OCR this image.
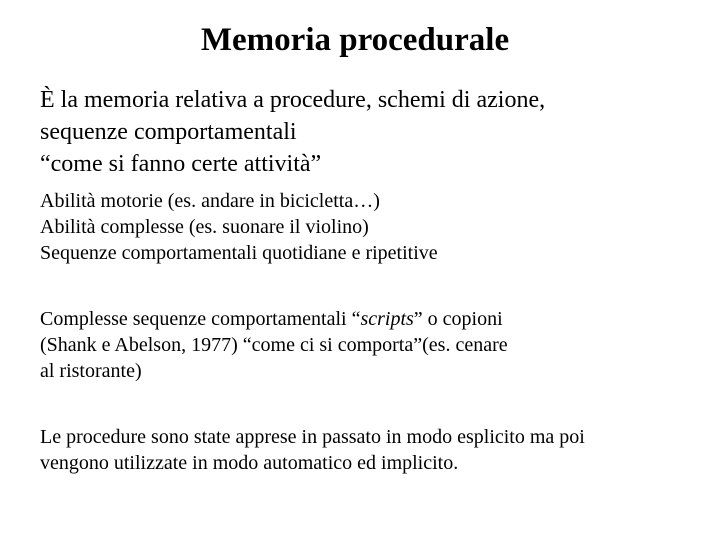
Memoria procedurale
È la memoria relativa a procedure, schemi di azione,
sequenze comportamentali
“come si fanno certe attività”
Abilità motorie (es. andare in bicicletta…)
Abilità complesse (es. suonare il violino)
Sequenze comportamentali quotidiane e ripetitive
Complesse sequenze comportamentali “scripts” o copioni
(Shank e Abelson, 1977) “come ci si comporta”(es. cenare
al ristorante)
Le procedure sono state apprese in passato in modo esplicito ma poi
vengono utilizzate in modo automatico ed implicito.
